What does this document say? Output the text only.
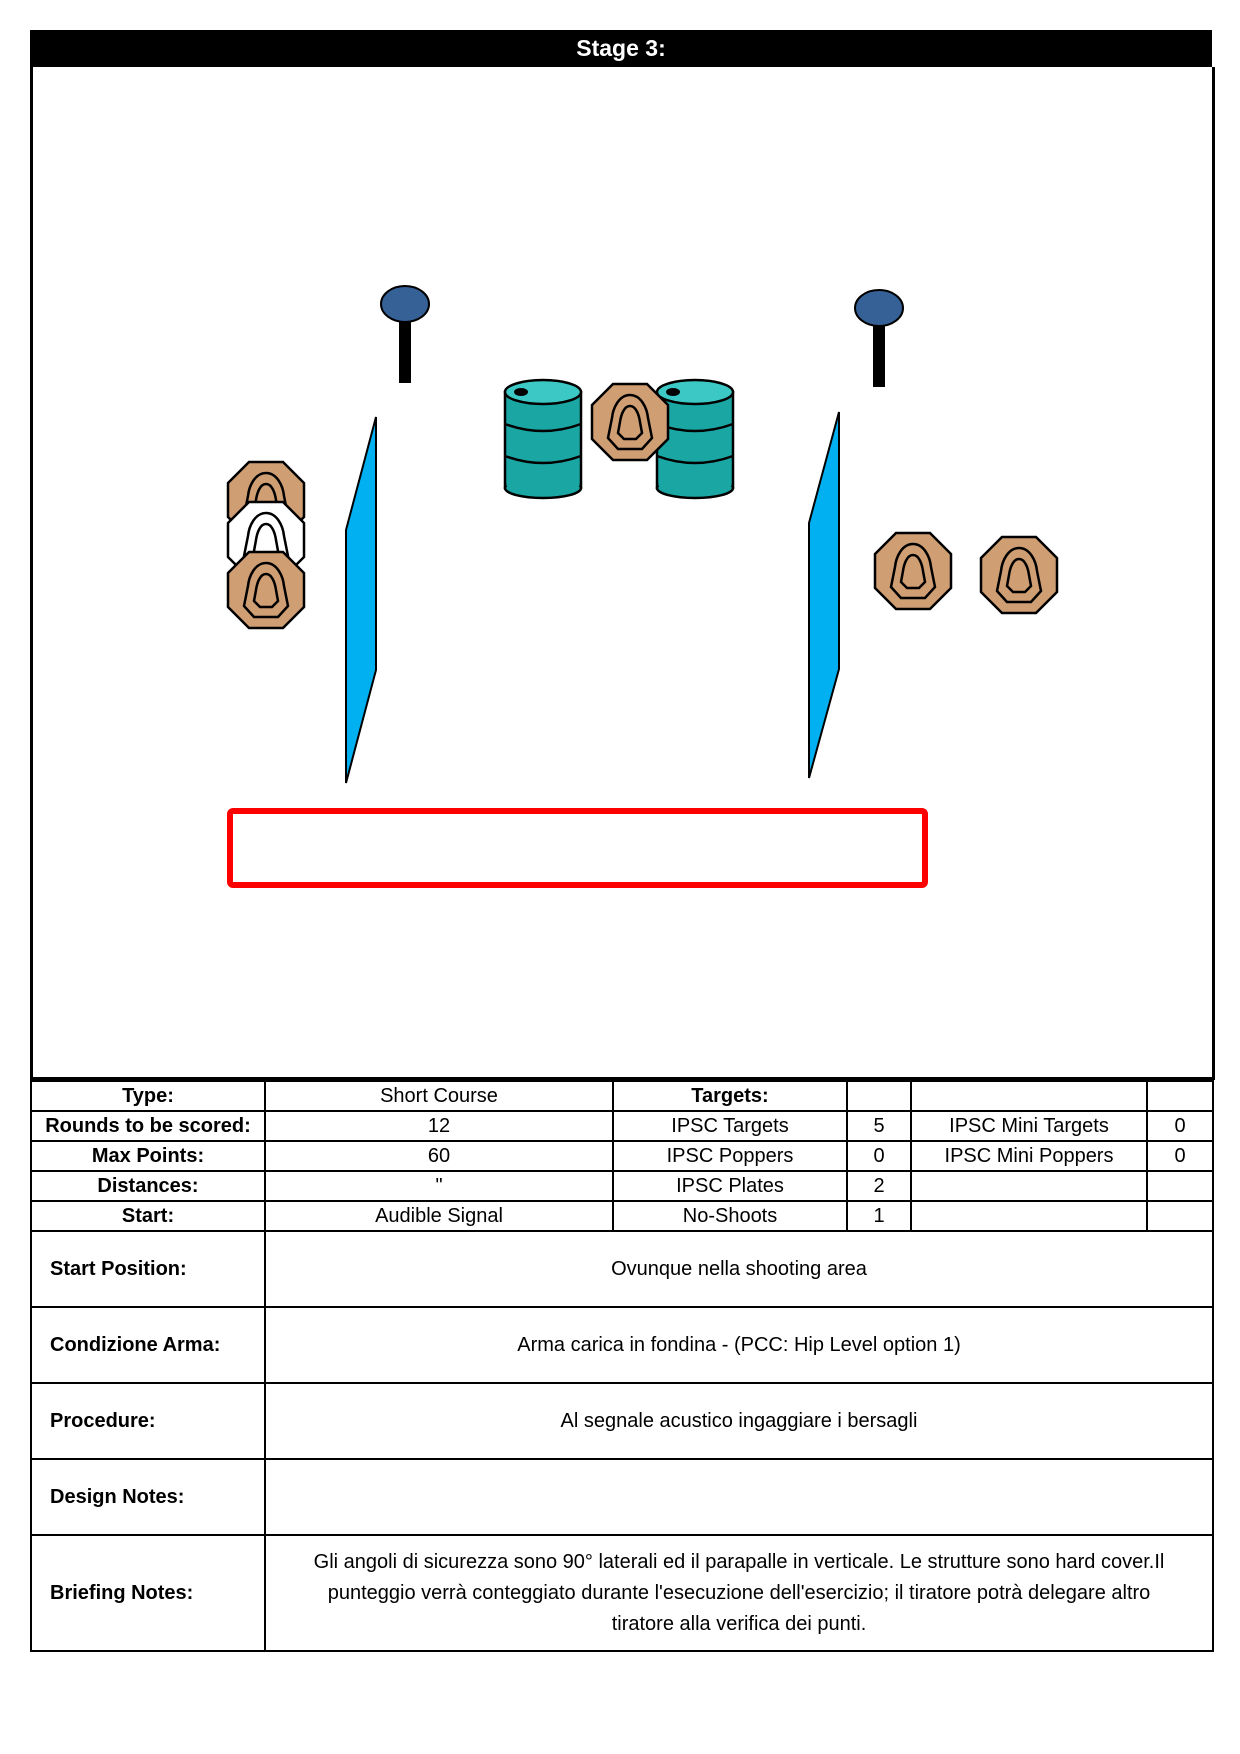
Stage 3:
Type:	Short Course	Targets:			
Rounds to be scored:	12	IPSC Targets	5	IPSC Mini Targets	0
Max Points:	60	IPSC Poppers	0	IPSC Mini Poppers	0
Distances:	"	IPSC Plates	2		
Start:	Audible Signal	No-Shoots	1		
Start Position:	Ovunque nella shooting area
Condizione Arma:	Arma carica in fondina - (PCC: Hip Level option 1)
Procedure:	Al segnale acustico ingaggiare i bersagli
Design Notes:	
Briefing Notes:	Gli angoli di sicurezza sono 90° laterali ed il parapalle in verticale. Le strutture sono hard cover.Il punteggio verrà conteggiato durante l'esecuzione dell'esercizio; il tiratore potrà delegare altro tiratore alla verifica dei punti.
